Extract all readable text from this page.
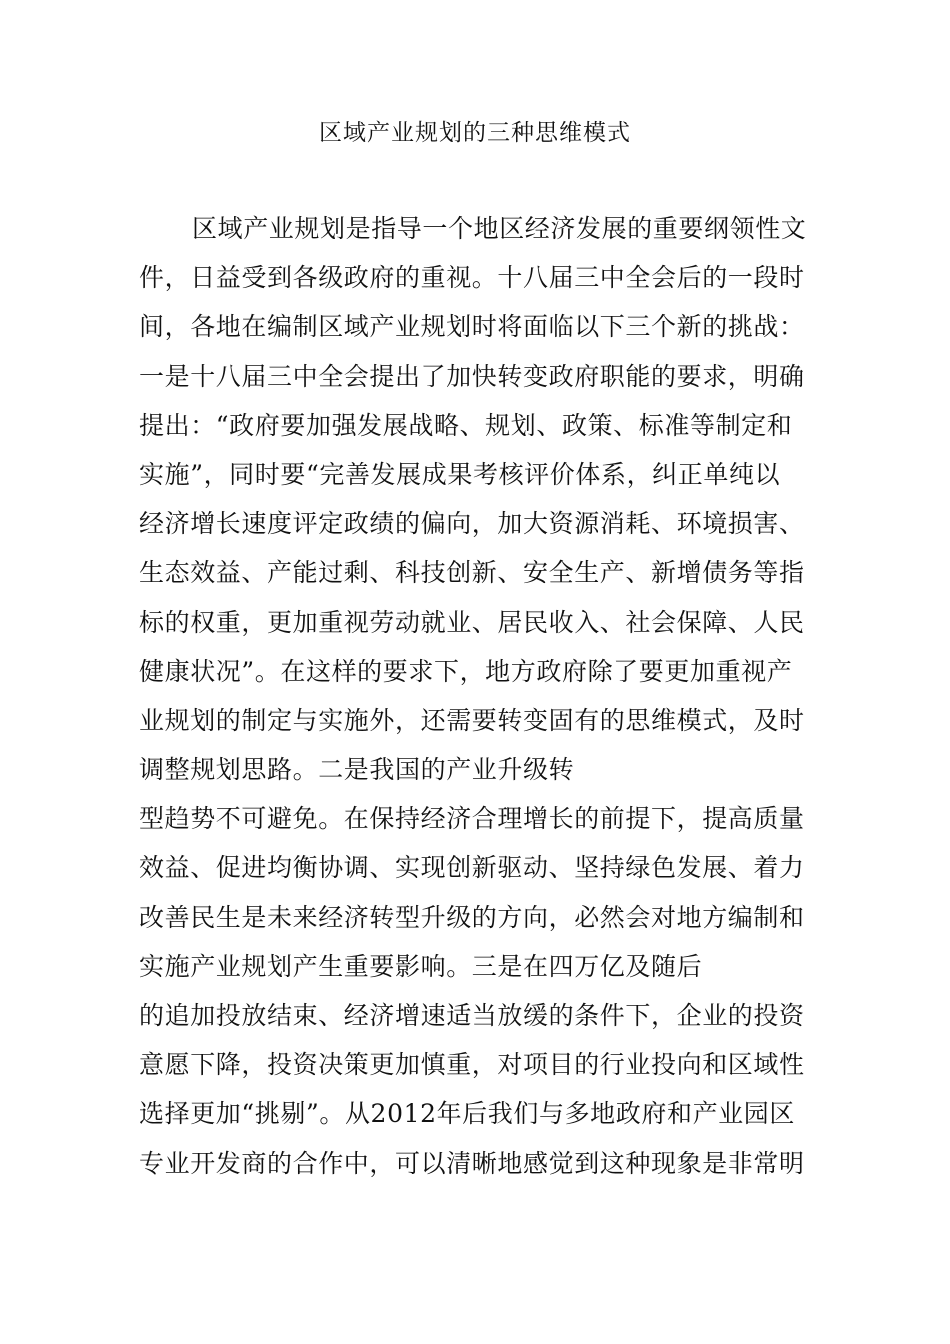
区域产业规划的三种思维模式
区域产业规划是指导一个地区经济发展的重要纲领性文
件，日益受到各级政府的重视。十八届三中全会后的一段时
间，各地在编制区域产业规划时将面临以下三个新的挑战：
一是十八届三中全会提出了加快转变政府职能的要求，明确
提出：“政府要加强发展战略、规划、政策、标准等制定和
实施”，同时要“完善发展成果考核评价体系，纠正单纯以
经济增长速度评定政绩的偏向，加大资源消耗、环境损害、
生态效益、产能过剩、科技创新、安全生产、新增债务等指
标的权重，更加重视劳动就业、居民收入、社会保障、人民
健康状况”。在这样的要求下，地方政府除了要更加重视产
业规划的制定与实施外，还需要转变固有的思维模式，及时
调整规划思路。二是我国的产业升级转
型趋势不可避免。在保持经济合理增长的前提下，提高质量
效益、促进均衡协调、实现创新驱动、坚持绿色发展、着力
改善民生是未来经济转型升级的方向，必然会对地方编制和
实施产业规划产生重要影响。三是在四万亿及随后
的追加投放结束、经济增速适当放缓的条件下，企业的投资
意愿下降，投资决策更加慎重，对项目的行业投向和区域性
选择更加“挑剔”。从2012年后我们与多地政府和产业园区
专业开发商的合作中，可以清晰地感觉到这种现象是非常明
